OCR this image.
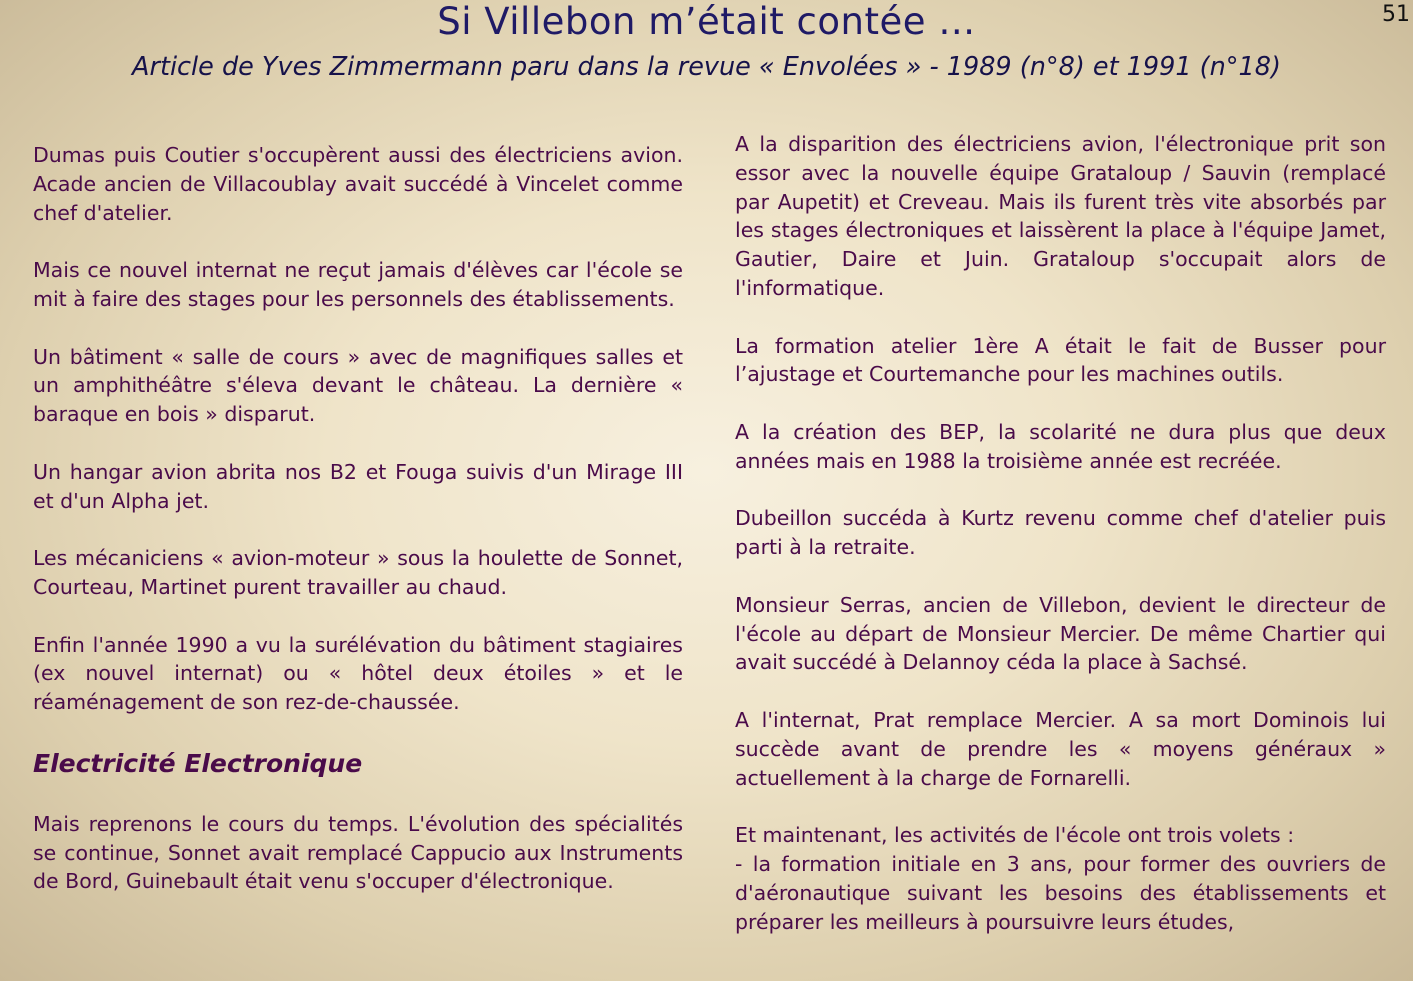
Si Villebon m’était contée …	51
Article de Yves Zimmermann paru dans la revue « Envolées » - 1989 (n°8) et 1991 (n°18)

Dumas puis Coutier s'occupèrent aussi des électriciens avion. Acade ancien de Villacoublay avait succédé à Vincelet comme chef d'atelier.

Mais ce nouvel internat ne reçut jamais d'élèves car l'école se mit à faire des stages pour les personnels des établissements.

Un bâtiment « salle de cours » avec de magnifiques salles et un amphithéâtre s'éleva devant le château. La dernière « baraque en bois » disparut.

Un hangar avion abrita nos B2 et Fouga suivis d'un Mirage III et d'un Alpha jet.

Les mécaniciens « avion-moteur » sous la houlette de Sonnet, Courteau, Martinet purent travailler au chaud.

Enfin l'année 1990 a vu la surélévation du bâtiment stagiaires (ex nouvel internat) ou « hôtel deux étoiles » et le réaménagement de son rez-de-chaussée.

Electricité Electronique

Mais reprenons le cours du temps. L'évolution des spécialités se continue, Sonnet avait remplacé Cappucio aux Instruments de Bord, Guinebault était venu s'occuper d'électronique.

A la disparition des électriciens avion, l'électronique prit son essor avec la nouvelle équipe Grataloup / Sauvin (remplacé par Aupetit) et Creveau. Mais ils furent très vite absorbés par les stages électroniques et laissèrent la place à l'équipe Jamet, Gautier, Daire et Juin. Grataloup s'occupait alors de l'informatique.

La formation atelier 1ère A était le fait de Busser pour l’ajustage et Courtemanche pour les machines outils.

A la création des BEP, la scolarité ne dura plus que deux années mais en 1988 la troisième année est recréée.

Dubeillon succéda à Kurtz revenu comme chef d'atelier puis parti à la retraite.

Monsieur Serras, ancien de Villebon, devient le directeur de l'école au départ de Monsieur Mercier. De même Chartier qui avait succédé à Delannoy céda la place à Sachsé.

A l'internat, Prat remplace Mercier. A sa mort Dominois lui succède avant de prendre les « moyens généraux » actuellement à la charge de Fornarelli.

Et maintenant, les activités de l'école ont trois volets :
- la formation initiale en 3 ans, pour former des ouvriers de d'aéronautique suivant les besoins des établissements et préparer les meilleurs à poursuivre leurs études,
